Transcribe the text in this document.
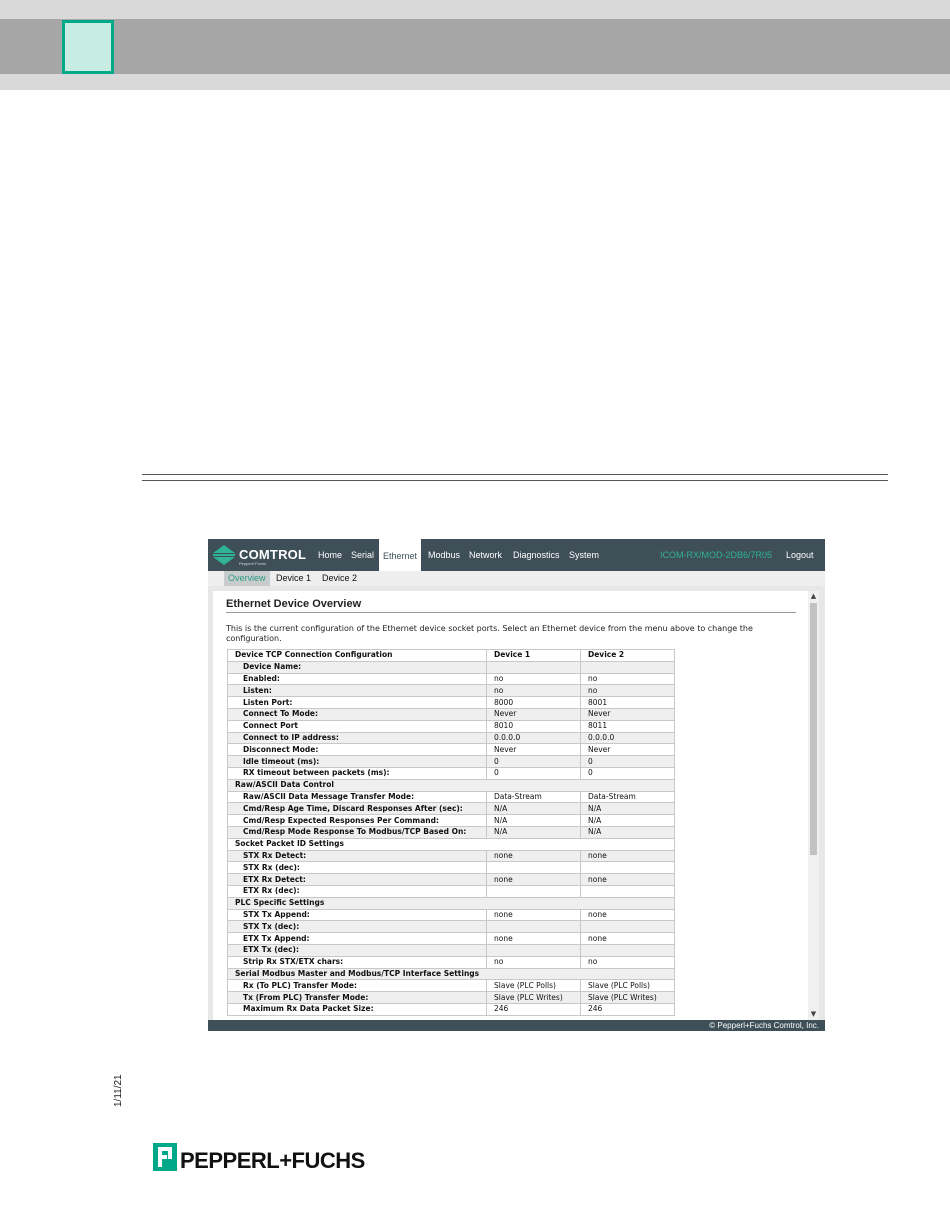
COMTROL
Pepperl+Fuchs
Home Serial Ethernet	Modbus Network Diagnostics System	ICOM-RX/MOD-2DB6/7R05 Logout
Overview	Device 1	Device 2
Ethernet Device Overview
This is the current configuration of the Ethernet device socket ports. Select an Ethernet device from the menu above to change the configuration.
Device TCP Connection Configuration	Device 1	Device 2
Device Name:		
Enabled:	no	no
Listen:	no	no
Listen Port:	8000	8001
Connect To Mode:	Never	Never
Connect Port	8010	8011
Connect to IP address:	0.0.0.0	0.0.0.0
Disconnect Mode:	Never	Never
Idle timeout (ms):	0	0
RX timeout between packets (ms):	0	0
Raw/ASCII Data Control		
Raw/ASCII Data Message Transfer Mode:	Data-Stream	Data-Stream
Cmd/Resp Age Time, Discard Responses After (sec):	N/A	N/A
Cmd/Resp Expected Responses Per Command:	N/A	N/A
Cmd/Resp Mode Response To Modbus/TCP Based On:	N/A	N/A
Socket Packet ID Settings		
STX Rx Detect:	none	none
STX Rx (dec):		
ETX Rx Detect:	none	none
ETX Rx (dec):		
PLC Specific Settings		
STX Tx Append:	none	none
STX Tx (dec):		
ETX Tx Append:	none	none
ETX Tx (dec):		
Strip Rx STX/ETX chars:	no	no
Serial Modbus Master and Modbus/TCP Interface Settings		
Rx (To PLC) Transfer Mode:	Slave (PLC Polls)	Slave (PLC Polls)
Tx (From PLC) Transfer Mode:	Slave (PLC Writes)	Slave (PLC Writes)
Maximum Rx Data Packet Size:	246	246
▲
▼
© Pepperl+Fuchs Comtrol, Inc.
1/11/21
PEPPERL+FUCHS
